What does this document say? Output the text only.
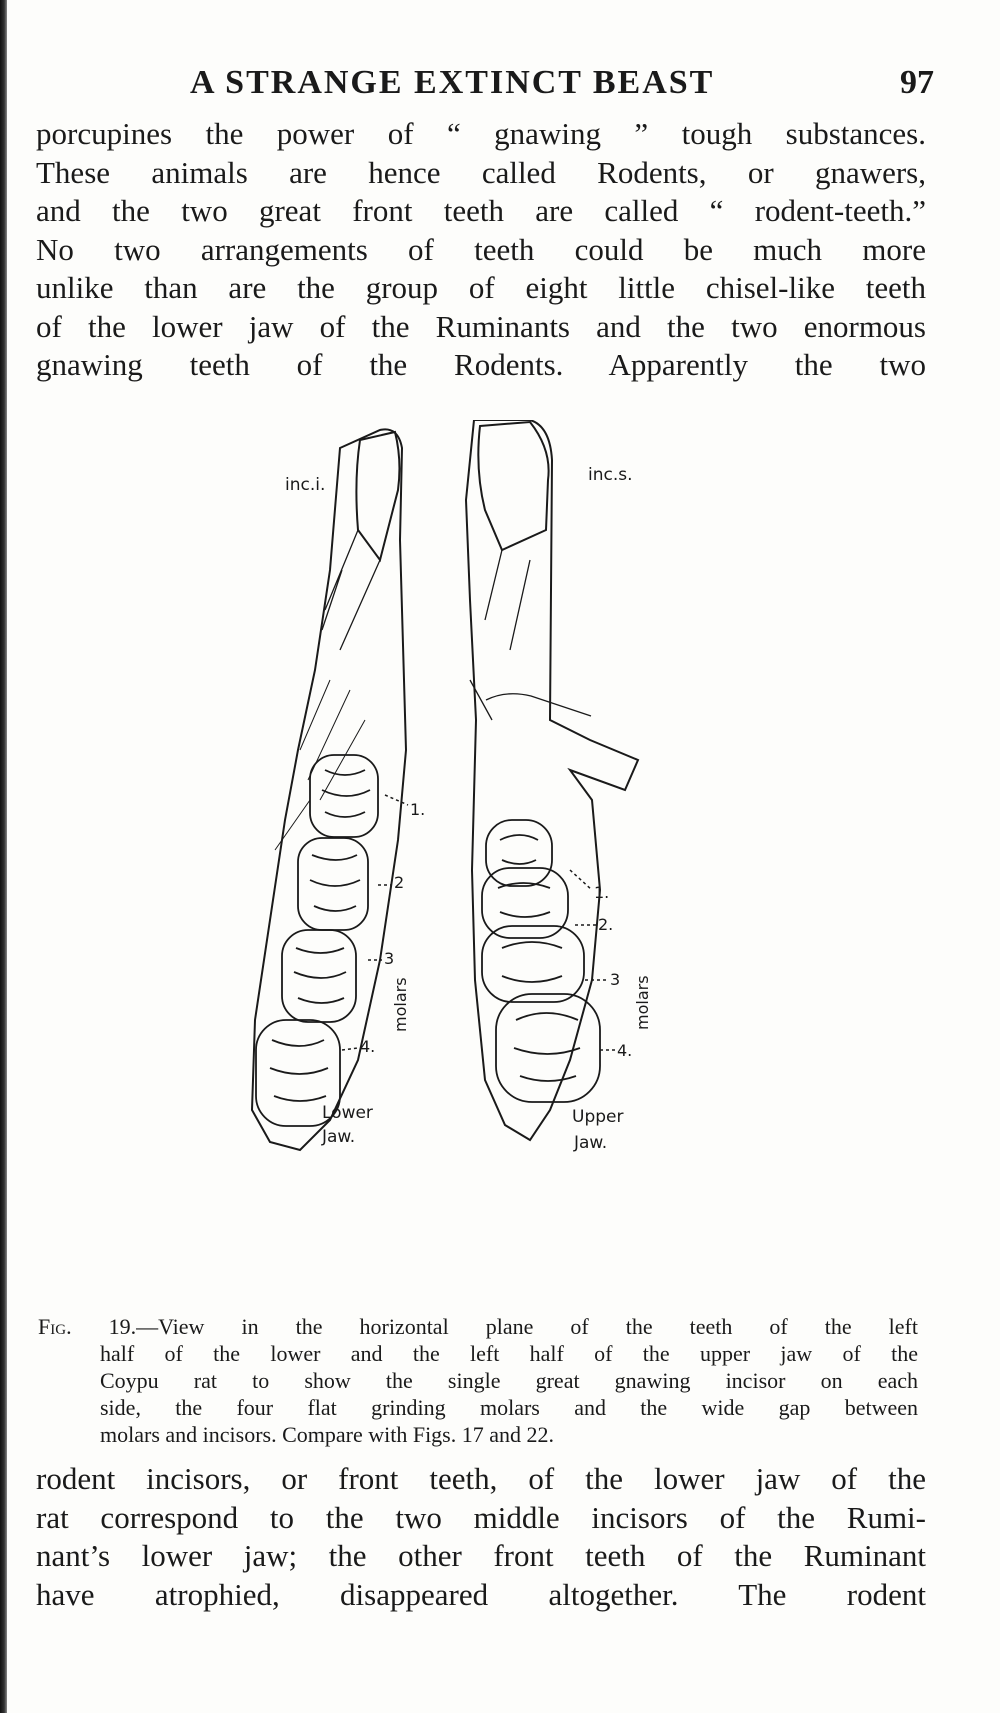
A STRANGE EXTINCT BEAST	97
porcupines the power of “ gnawing ” tough substances.
These animals are hence called Rodents, or gnawers,
and the two great front teeth are called “ rodent-teeth.”
No two arrangements of teeth could be much more
unlike than are the group of eight little chisel-like teeth
of the lower jaw of the Ruminants and the two enormous
gnawing teeth of the Rodents. Apparently the two
inc.i.	inc.s.
1.
2
3
4.
molars
1.
2.
3
4.
molars
Lower
Jaw.
Upper
Jaw.
Fig. 19.—View in the horizontal plane of the teeth of the left
half of the lower and the left half of the upper jaw of the
Coypu rat to show the single great gnawing incisor on each
side, the four flat grinding molars and the wide gap between
molars and incisors. Compare with Figs. 17 and 22.
rodent incisors, or front teeth, of the lower jaw of the
rat correspond to the two middle incisors of the Rumi-
nant’s lower jaw; the other front teeth of the Ruminant
have atrophied, disappeared altogether. The rodent
